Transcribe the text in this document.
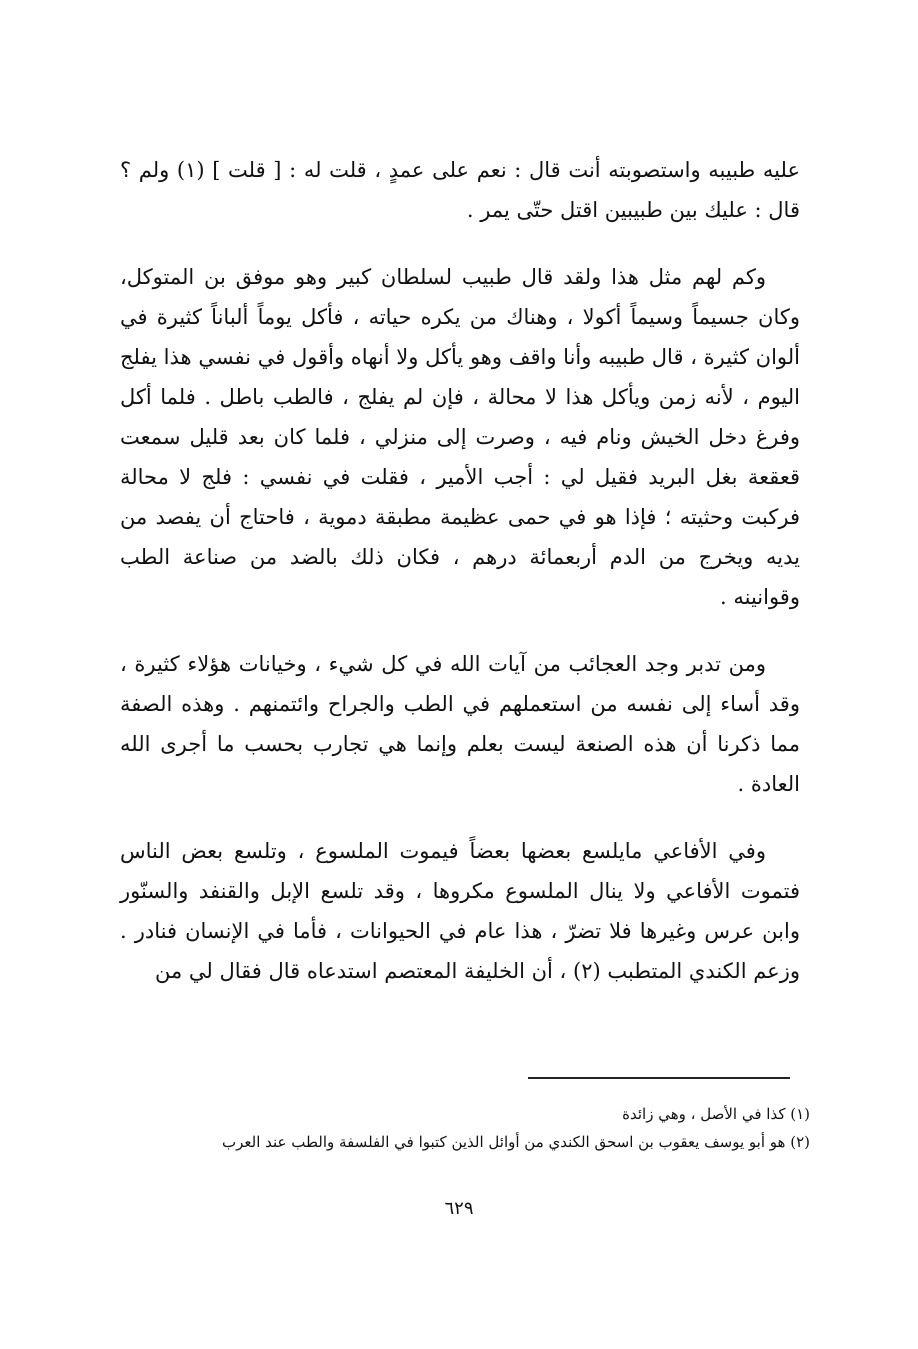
عليه طبيبه واستصوبته أنت قال : نعم على عمدٍ ، قلت له : [ قلت ] (١) ولم ؟ قال : عليك بين طبيبين اقتل حتّى يمر .

وكم لهم مثل هذا ولقد قال طبيب لسلطان كبير وهو موفق بن المتوكل، وكان جسيماً وسيماً أكولا ، وهناك من يكره حياته ، فأكل يوماً ألباناً كثيرة في ألوان كثيرة ، قال طبيبه وأنا واقف وهو يأكل ولا أنهاه وأقول في نفسي هذا يفلج اليوم ، لأنه زمن ويأكل هذا لا محالة ، فإن لم يفلج ، فالطب باطل . فلما أكل وفرغ دخل الخيش ونام فيه ، وصرت إلى منزلي ، فلما كان بعد قليل سمعت قعقعة بغل البريد فقيل لي : أجب الأمير ، فقلت في نفسي : فلج لا محالة فركبت وحثيته ؛ فإذا هو في حمى عظيمة مطبقة دموية ، فاحتاج أن يفصد من يديه ويخرج من الدم أربعمائة درهم ، فكان ذلك بالضد من صناعة الطب وقوانينه .

ومن تدبر وجد العجائب من آيات الله في كل شيء ، وخيانات هؤلاء كثيرة ، وقد أساء إلى نفسه من استعملهم في الطب والجراح وائتمنهم . وهذه الصفة مما ذكرنا أن هذه الصنعة ليست بعلم وإنما هي تجارب بحسب ما أجرى الله العادة .

وفي الأفاعي مايلسع بعضها بعضاً فيموت الملسوع ، وتلسع بعض الناس فتموت الأفاعي ولا ينال الملسوع مكروها ، وقد تلسع الإبل والقنفد والسنّور وابن عرس وغيرها فلا تضرّ ، هذا عام في الحيوانات ، فأما في الإنسان فنادر . وزعم الكندي المتطبب (٢) ، أن الخليفة المعتصم استدعاه قال فقال لي من

(١) كذا في الأصل ، وهي زائدة
(٢) هو أبو يوسف يعقوب بن اسحق الكندي من أوائل الذين كتبوا في الفلسفة والطب عند العرب
٦٢٩
